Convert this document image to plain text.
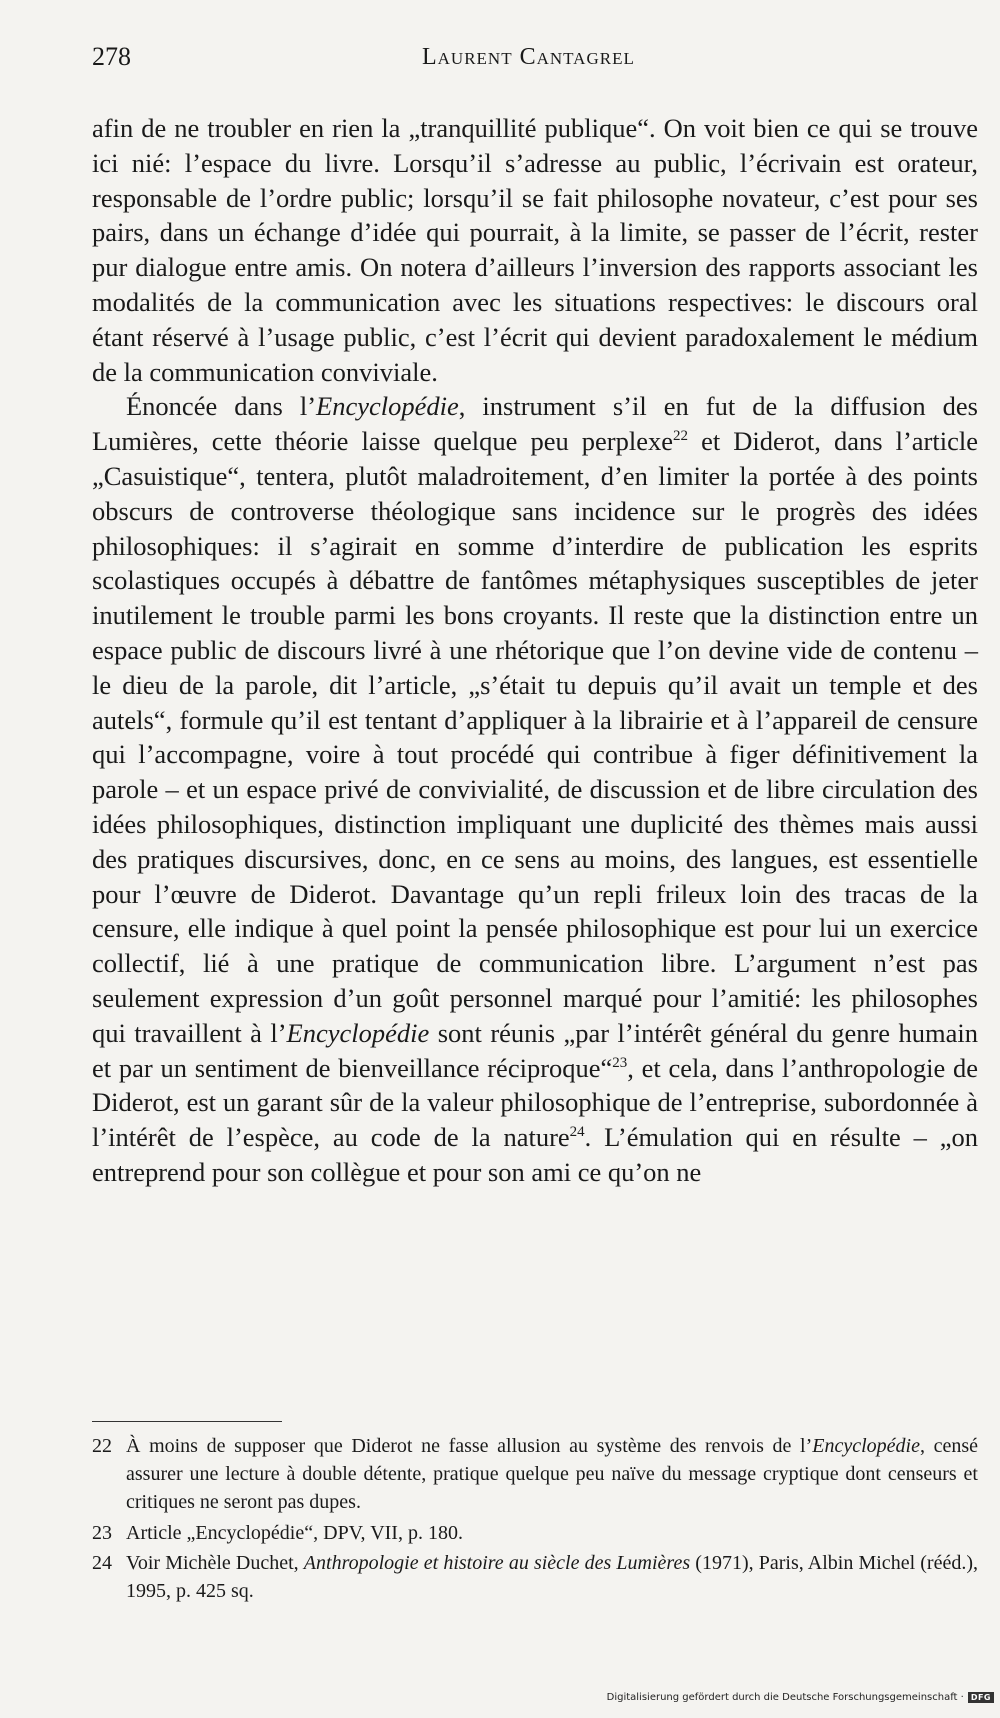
278	Laurent Cantagrel

afin de ne troubler en rien la „tranquillité publique“. On voit bien ce qui se trouve ici nié: l’espace du livre. Lorsqu’il s’adresse au public, l’écrivain est orateur, responsable de l’ordre public; lorsqu’il se fait philosophe novateur, c’est pour ses pairs, dans un échange d’idée qui pourrait, à la limite, se passer de l’écrit, rester pur dialogue entre amis. On notera d’ailleurs l’inversion des rapports associant les modalités de la communication avec les situations respectives: le discours oral étant réservé à l’usage public, c’est l’écrit qui devient paradoxalement le médium de la communication conviviale.

Énoncée dans l’Encyclopédie, instrument s’il en fut de la diffusion des Lumières, cette théorie laisse quelque peu perplexe$^{22}$ et Diderot, dans l’article „Casuistique“, tentera, plutôt maladroitement, d’en limiter la portée à des points obscurs de controverse théologique sans incidence sur le progrès des idées philosophiques: il s’agirait en somme d’interdire de publication les esprits scolastiques occupés à débattre de fantômes métaphysiques susceptibles de jeter inutilement le trouble parmi les bons croyants. Il reste que la distinction entre un espace public de discours livré à une rhétorique que l’on devine vide de contenu – le dieu de la parole, dit l’article, „s’était tu depuis qu’il avait un temple et des autels“, formule qu’il est tentant d’appliquer à la librairie et à l’appareil de censure qui l’accompagne, voire à tout procédé qui contribue à figer définitivement la parole – et un espace privé de convivialité, de discussion et de libre circulation des idées philosophiques, distinction impliquant une duplicité des thèmes mais aussi des pratiques discursives, donc, en ce sens au moins, des langues, est essentielle pour l’œuvre de Diderot. Davantage qu’un repli frileux loin des tracas de la censure, elle indique à quel point la pensée philosophique est pour lui un exercice collectif, lié à une pratique de communication libre. L’argument n’est pas seulement expression d’un goût personnel marqué pour l’amitié: les philosophes qui travaillent à l’Encyclopédie sont réunis „par l’intérêt général du genre humain et par un sentiment de bienveillance réciproque“$^{23}$, et cela, dans l’anthropologie de Diderot, est un garant sûr de la valeur philosophique de l’entreprise, subordonnée à l’intérêt de l’espèce, au code de la nature$^{24}$. L’émulation qui en résulte – „on entreprend pour son collègue et pour son ami ce qu’on ne

22 À moins de supposer que Diderot ne fasse allusion au système des renvois de l’Encyclopédie, censé assurer une lecture à double détente, pratique quelque peu naïve du message cryptique dont censeurs et critiques ne seront pas dupes.
23 Article „Encyclopédie“, DPV, VII, p. 180.
24 Voir Michèle Duchet, Anthropologie et histoire au siècle des Lumières (1971), Paris, Albin Michel (rééd.), 1995, p. 425 sq.
Digitalisierung gefördert durch die Deutsche Forschungsgemeinschaft · DFG
